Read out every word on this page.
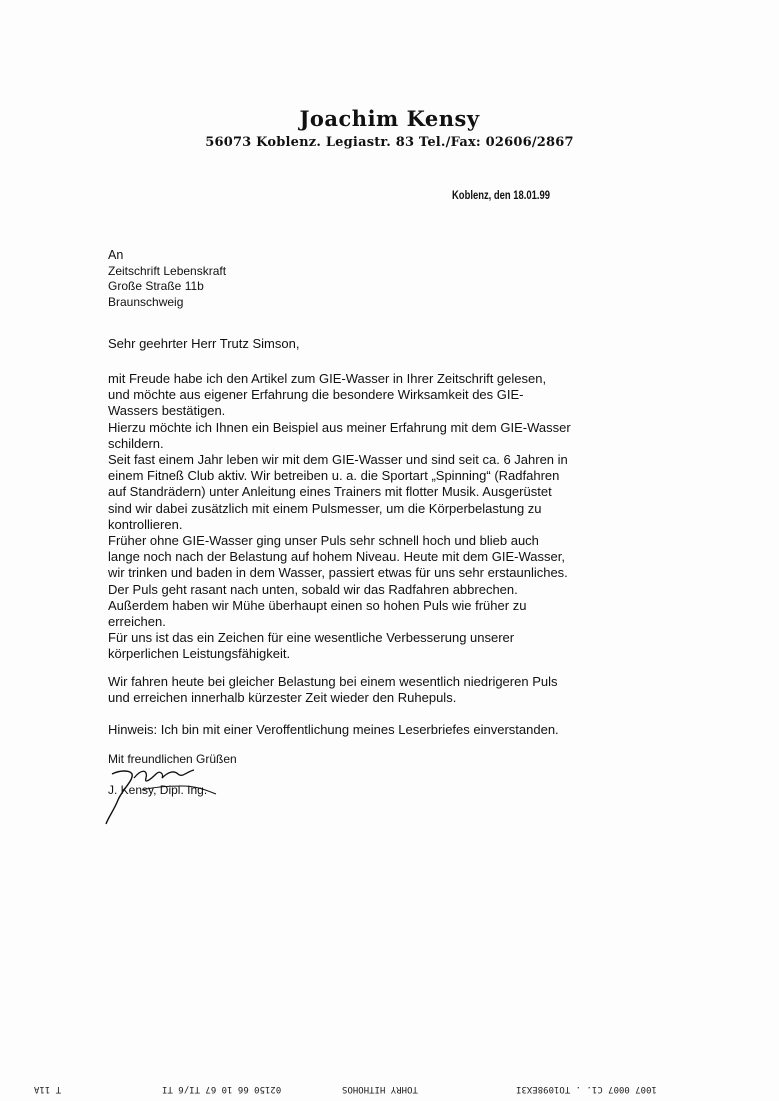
Joachim Kensy
56073 Koblenz. Legiastr. 83 Tel./Fax: 02606/2867
Koblenz, den 18.01.99
An
Zeitschrift Lebenskraft
Große Straße 11b
Braunschweig
Sehr geehrter Herr Trutz Simson,
mit Freude habe ich den Artikel zum GIE-Wasser in Ihrer Zeitschrift gelesen,
und möchte aus eigener Erfahrung die besondere Wirksamkeit des GIE-
Wassers bestätigen.
Hierzu möchte ich Ihnen ein Beispiel aus meiner Erfahrung mit dem GIE-Wasser
schildern.
Seit fast einem Jahr leben wir mit dem GIE-Wasser und sind seit ca. 6 Jahren in
einem Fitneß Club aktiv. Wir betreiben u. a. die Sportart „Spinning“ (Radfahren
auf Standrädern) unter Anleitung eines Trainers mit flotter Musik. Ausgerüstet
sind wir dabei zusätzlich mit einem Pulsmesser, um die Körperbelastung zu
kontrollieren.
Früher ohne GIE-Wasser ging unser Puls sehr schnell hoch und blieb auch
lange noch nach der Belastung auf hohem Niveau. Heute mit dem GIE-Wasser,
wir trinken und baden in dem Wasser, passiert etwas für uns sehr erstaunliches.
Der Puls geht rasant nach unten, sobald wir das Radfahren abbrechen.
Außerdem haben wir Mühe überhaupt einen so hohen Puls wie früher zu
erreichen.
Für uns ist das ein Zeichen für eine wesentliche Verbesserung unserer
körperlichen Leistungsfähigkeit.
Wir fahren heute bei gleicher Belastung bei einem wesentlich niedrigeren Puls
und erreichen innerhalb kürzester Zeit wieder den Ruhepuls.
Hinweis: Ich bin mit einer Veroffentlichung meines Leserbriefes einverstanden.
Mit freundlichen Grüßen
J. Kensy, Dipl. Ing.
T 11A	02150 66 10 67 TI/6 TI	TOHRY HITHOHOS	1007 0007 C1. . TO1098EX3I
